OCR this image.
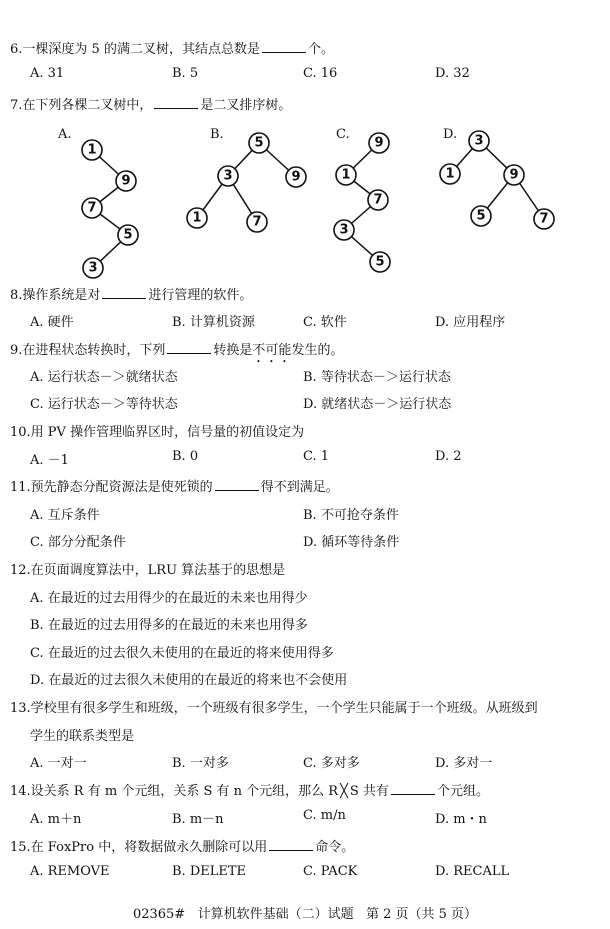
6.一棵深度为 5 的满二叉树，其结点总数是	个。
A. 31	B. 5	C. 16	D. 32
7.在下列各棵二叉树中，	是二叉排序树。
A.	B.	C.	D.
1
9
7
5
3
5
3	9
1	7
9
1
7
3
5
3
1	9
5	7
8.操作系统是对	进行管理的软件。
A. 硬件	B. 计算机资源	C. 软件	D. 应用程序
9.在进程状态转换时，下列	转换是不可能发生的。
A. 运行状态－＞就绪状态	B. 等待状态－＞运行状态
C. 运行状态－＞等待状态	D. 就绪状态－＞运行状态
10.用 PV 操作管理临界区时，信号量的初值设定为
A. －1	B. 0	C. 1	D. 2
11.预先静态分配资源法是使死锁的	得不到满足。
A. 互斥条件	B. 不可抢夺条件
C. 部分分配条件	D. 循环等待条件
12.在页面调度算法中，LRU 算法基于的思想是
A. 在最近的过去用得少的在最近的未来也用得少
B. 在最近的过去用得多的在最近的未来也用得多
C. 在最近的过去很久未使用的在最近的将来使用得多
D. 在最近的过去很久未使用的在最近的将来也不会使用
13.学校里有很多学生和班级，一个班级有很多学生，一个学生只能属于一个班级。从班级到
学生的联系类型是
A. 一对一	B. 一对多	C. 多对多	D. 多对一
14.设关系 R 有 m 个元组，关系 S 有 n 个元组，那么 R ╳ S 共有	个元组。
A. m＋n	B. m－n	C. m/n	D. m・n
15.在 FoxPro 中，将数据做永久删除可以用	命令。
A. REMOVE	B. DELETE	C. PACK	D. RECALL
02365#   计算机软件基础（二）试题   第 2 页（共 5 页）
